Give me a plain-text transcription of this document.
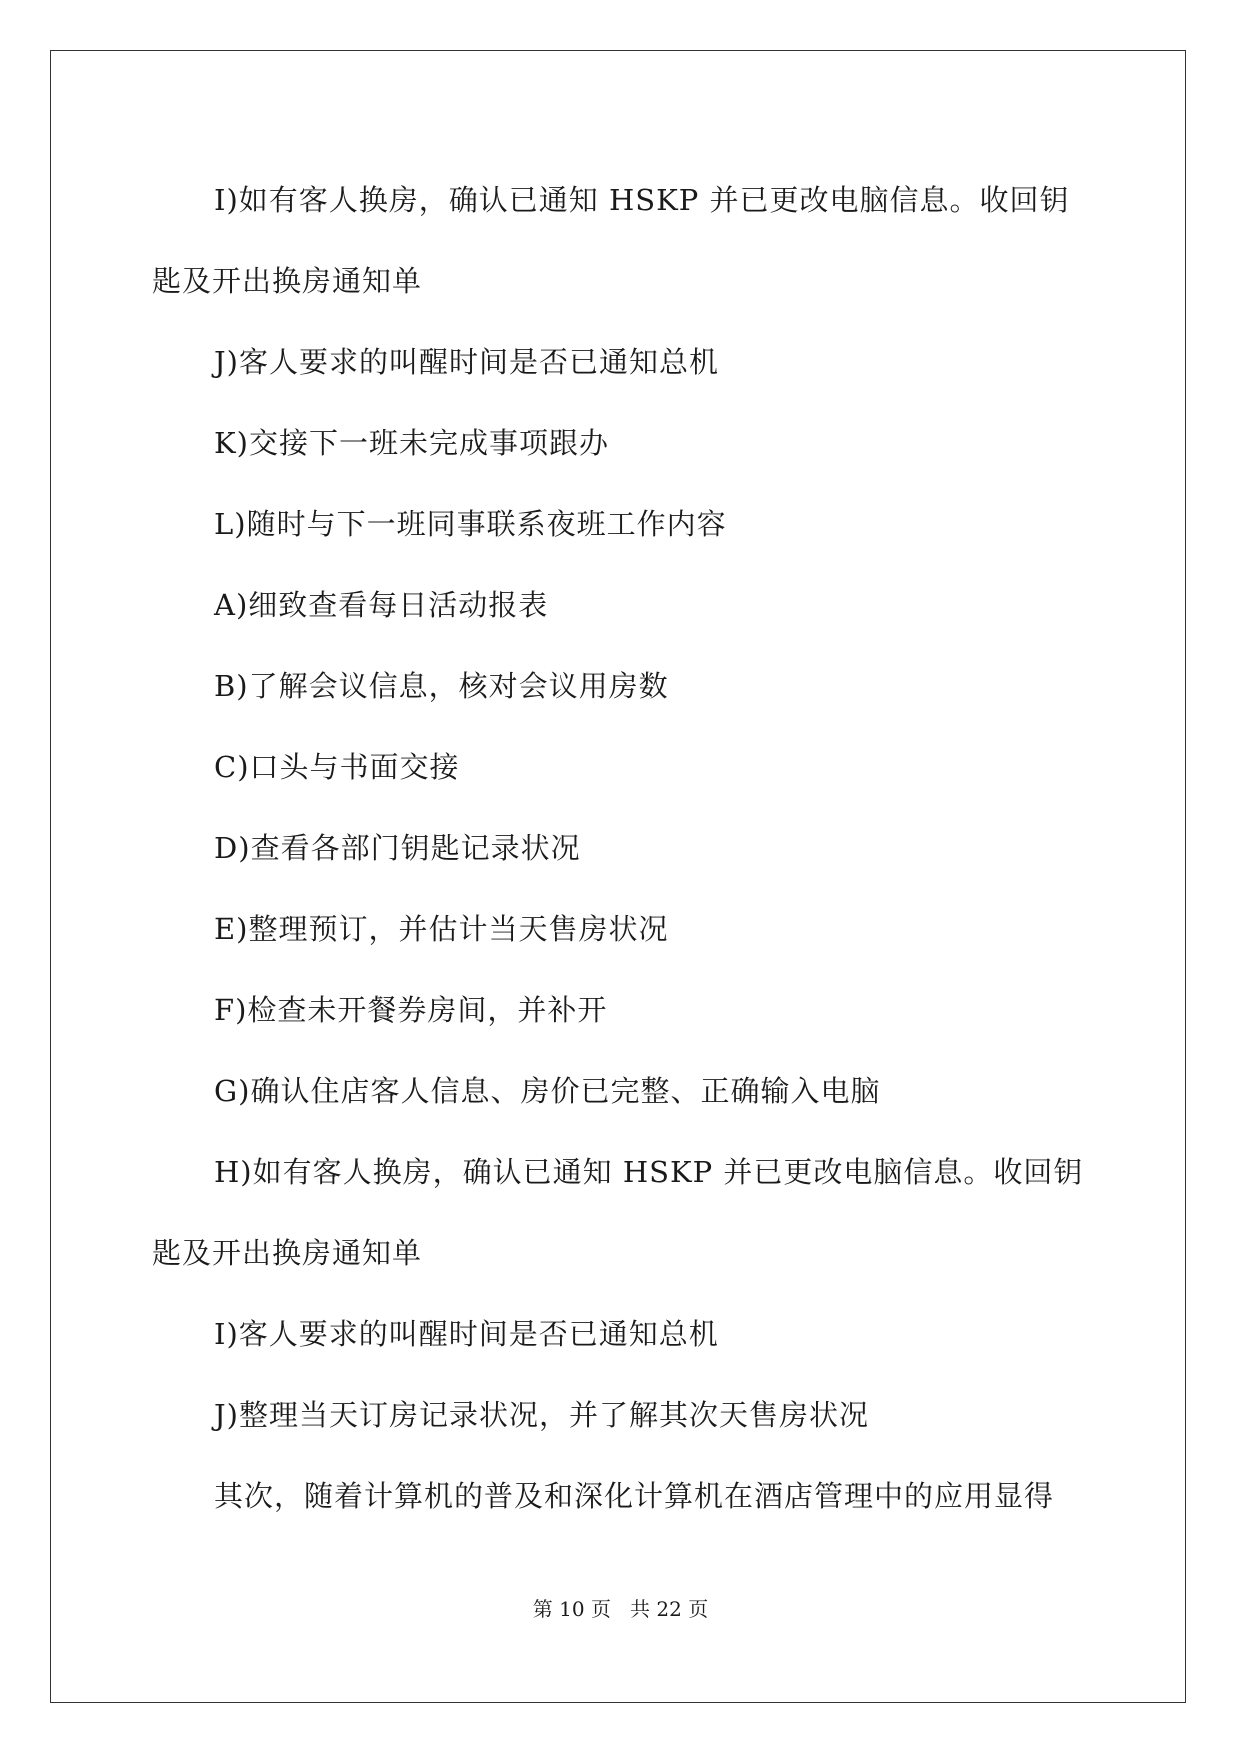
I)如有客人换房，确认已通知 HSKP 并已更改电脑信息。收回钥匙及开出换房通知单

J)客人要求的叫醒时间是否已通知总机

K)交接下一班未完成事项跟办

L)随时与下一班同事联系夜班工作内容

A)细致查看每日活动报表

B)了解会议信息，核对会议用房数

C)口头与书面交接

D)查看各部门钥匙记录状况

E)整理预订，并估计当天售房状况

F)检查未开餐券房间，并补开

G)确认住店客人信息、房价已完整、正确输入电脑

H)如有客人换房，确认已通知 HSKP 并已更改电脑信息。收回钥匙及开出换房通知单

I)客人要求的叫醒时间是否已通知总机

J)整理当天订房记录状况，并了解其次天售房状况

其次，随着计算机的普及和深化计算机在酒店管理中的应用显得

第 10 页 共 22 页
